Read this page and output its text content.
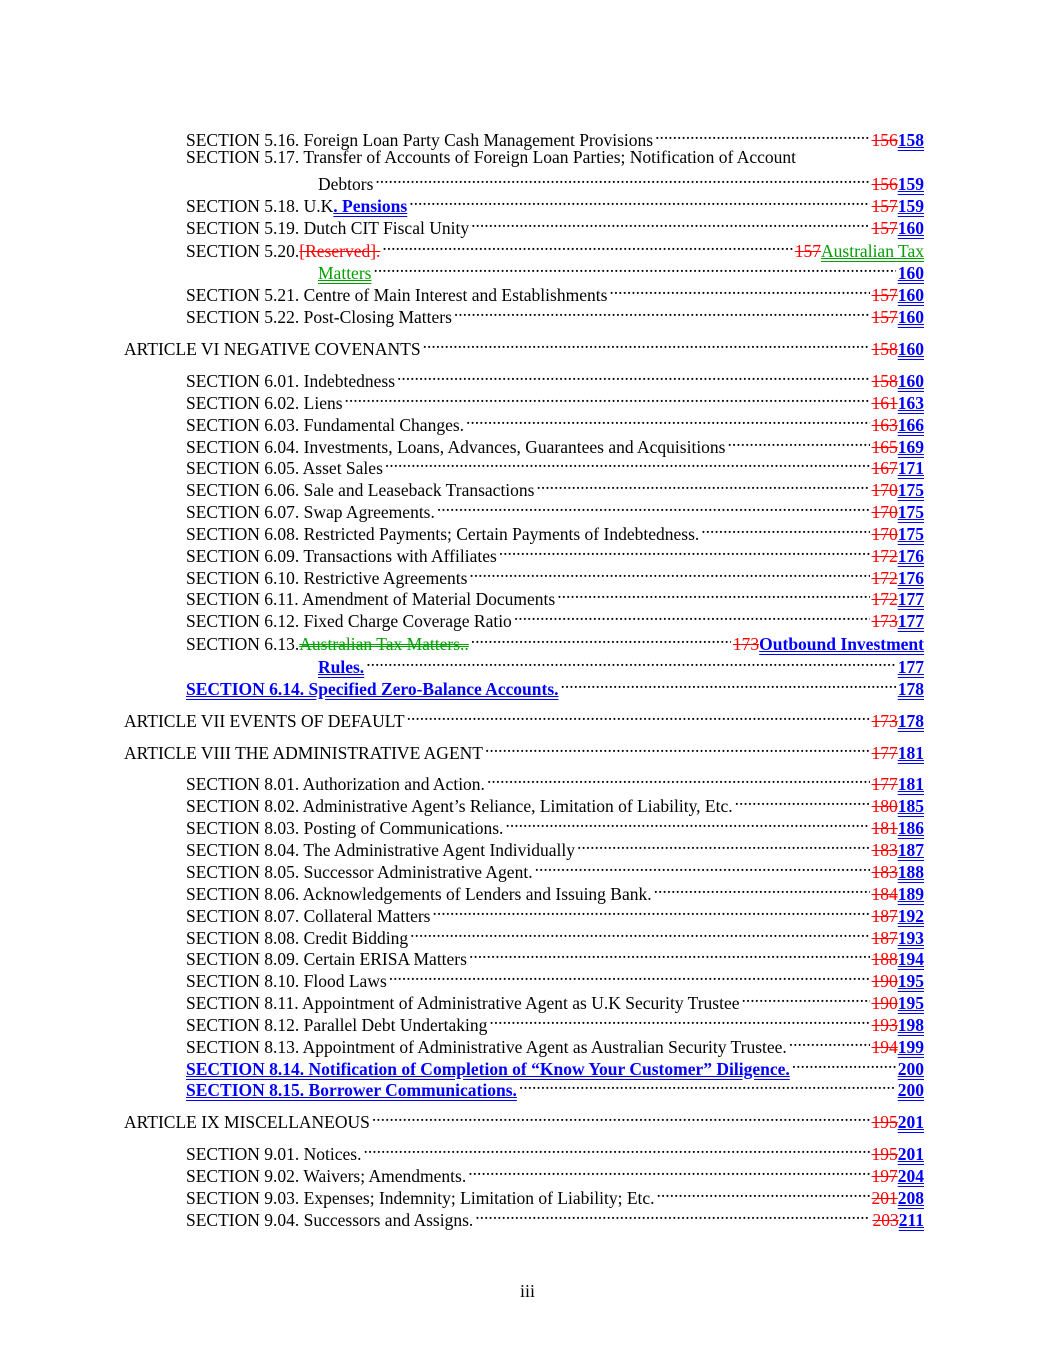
SECTION 5.16. Foreign Loan Party Cash Management Provisions .....	156 158
SECTION 5.17. Transfer of Accounts of Foreign Loan Parties; Notification of Account
Debtors .....	156 159
SECTION 5.18. U.K . Pensions .....	157 159
SECTION 5.19. Dutch CIT Fiscal Unity .....	157 160
SECTION 5.20. [Reserved]. .....	157 Australian Tax
Matters .....	160
SECTION 5.21. Centre of Main Interest and Establishments .....	157 160
SECTION 5.22. Post-Closing Matters .....	157 160
ARTICLE VI NEGATIVE COVENANTS .....	158 160
SECTION 6.01. Indebtedness .....	158 160
SECTION 6.02. Liens .....	161 163
SECTION 6.03. Fundamental Changes. .....	163 166
SECTION 6.04. Investments, Loans, Advances, Guarantees and Acquisitions .....	165 169
SECTION 6.05. Asset Sales .....	167 171
SECTION 6.06. Sale and Leaseback Transactions .....	170 175
SECTION 6.07. Swap Agreements. .....	170 175
SECTION 6.08. Restricted Payments; Certain Payments of Indebtedness. .....	170 175
SECTION 6.09. Transactions with Affiliates .....	172 176
SECTION 6.10. Restrictive Agreements .....	172 176
SECTION 6.11. Amendment of Material Documents .....	172 177
SECTION 6.12. Fixed Charge Coverage Ratio .....	173 177
SECTION 6.13. Australian Tax Matters.. .....	173 Outbound Investment
Rules. .....	177
SECTION 6.14. Specified Zero-Balance Accounts. .....	178
ARTICLE VII EVENTS OF DEFAULT .....	173 178
ARTICLE VIII THE ADMINISTRATIVE AGENT .....	177 181
SECTION 8.01. Authorization and Action. .....	177 181
SECTION 8.02. Administrative Agent’s Reliance, Limitation of Liability, Etc. .....	180 185
SECTION 8.03. Posting of Communications. .....	181 186
SECTION 8.04. The Administrative Agent Individually .....	183 187
SECTION 8.05. Successor Administrative Agent. .....	183 188
SECTION 8.06. Acknowledgements of Lenders and Issuing Bank. .....	184 189
SECTION 8.07. Collateral Matters .....	187 192
SECTION 8.08. Credit Bidding .....	187 193
SECTION 8.09. Certain ERISA Matters .....	188 194
SECTION 8.10. Flood Laws .....	190 195
SECTION 8.11. Appointment of Administrative Agent as U.K Security Trustee .....	190 195
SECTION 8.12. Parallel Debt Undertaking .....	193 198
SECTION 8.13. Appointment of Administrative Agent as Australian Security Trustee. .....	194 199
SECTION 8.14. Notification of Completion of “Know Your Customer” Diligence. .....	200
SECTION 8.15. Borrower Communications. .....	200
ARTICLE IX MISCELLANEOUS .....	195 201
SECTION 9.01. Notices. .....	195 201
SECTION 9.02. Waivers; Amendments. .....	197 204
SECTION 9.03. Expenses; Indemnity; Limitation of Liability; Etc. .....	201 208
SECTION 9.04. Successors and Assigns. .....	203 211
iii
